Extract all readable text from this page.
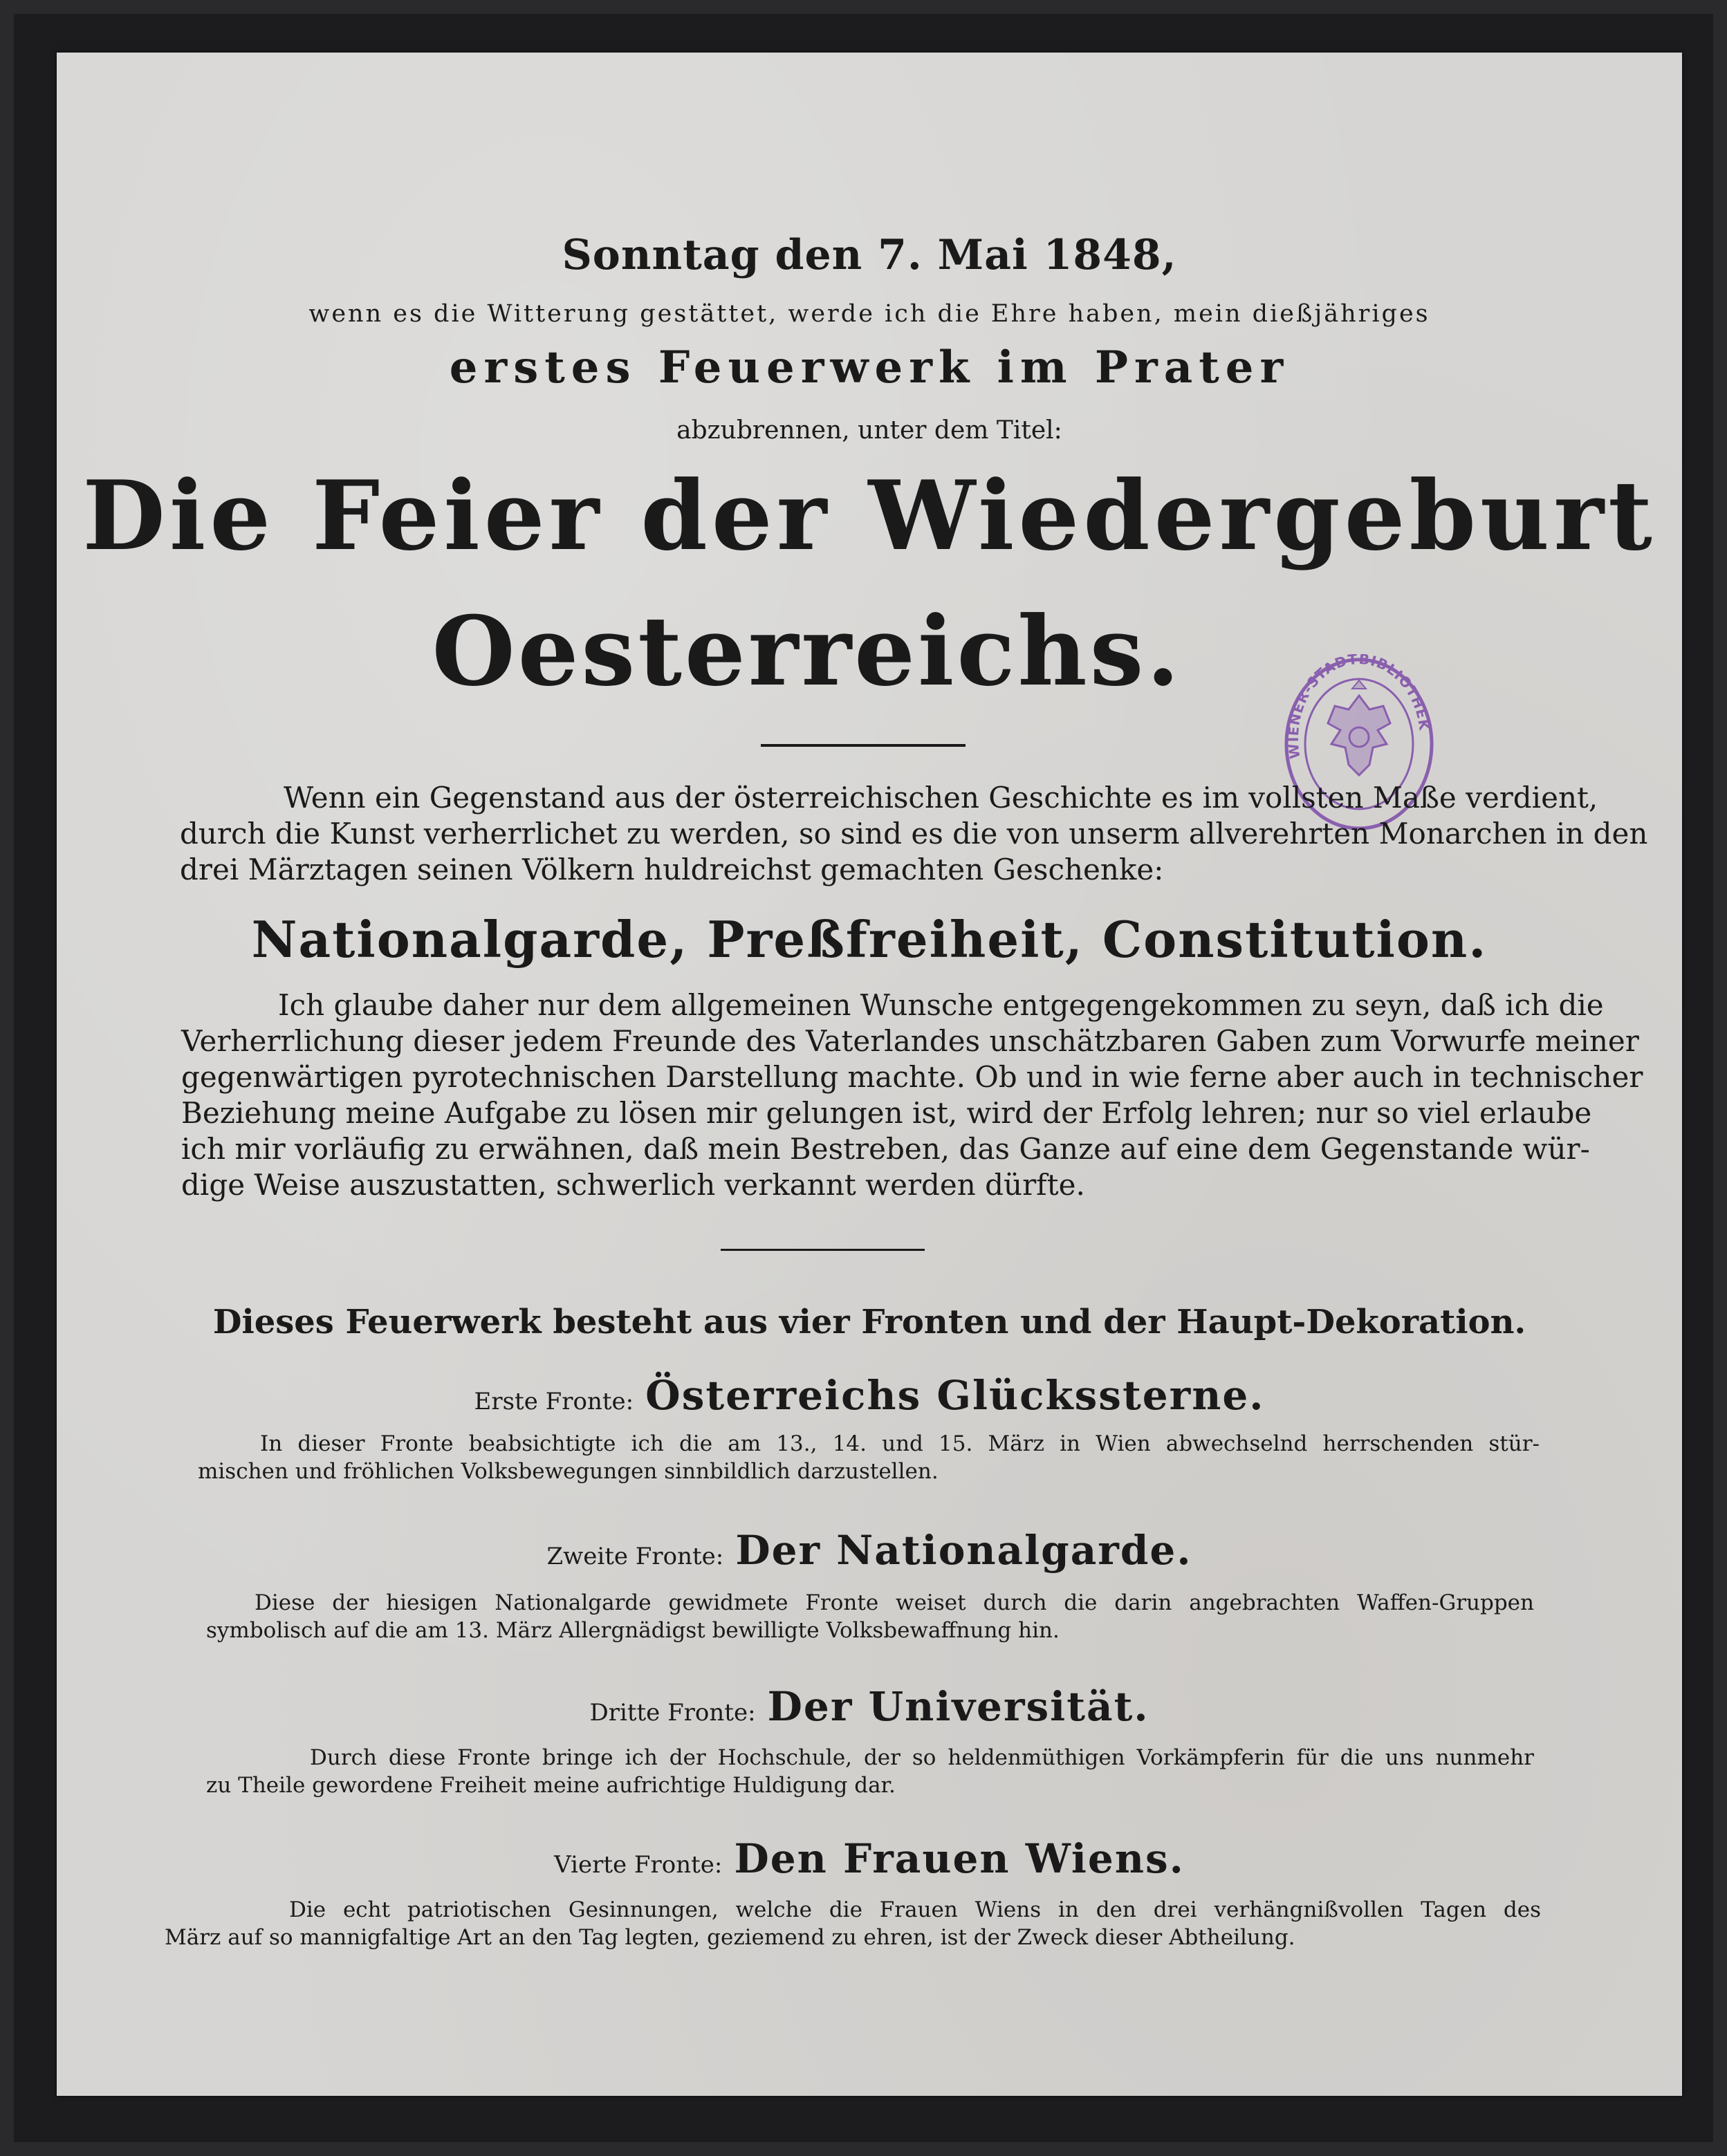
Sonntag den 7. Mai 1848,
wenn es die Witterung gestättet, werde ich die Ehre haben, mein dießjähriges
erstes Feuerwerk im Prater
abzubrennen, unter dem Titel:
Die Feier der Wiedergeburt
Oesterreichs.
WIENER-STADTBIBLIOTHEK
Wenn ein Gegenstand aus der österreichischen Geschichte es im vollsten Maße verdient,
durch die Kunst verherrlichet zu werden, so sind es die von unserm allverehrten Monarchen in den
drei Märztagen seinen Völkern huldreichst gemachten Geschenke:
Nationalgarde, Preßfreiheit, Constitution.
Ich glaube daher nur dem allgemeinen Wunsche entgegengekommen zu seyn, daß ich die
Verherrlichung dieser jedem Freunde des Vaterlandes unschätzbaren Gaben zum Vorwurfe meiner
gegenwärtigen pyrotechnischen Darstellung machte. Ob und in wie ferne aber auch in technischer
Beziehung meine Aufgabe zu lösen mir gelungen ist, wird der Erfolg lehren; nur so viel erlaube
ich mir vorläufig zu erwähnen, daß mein Bestreben, das Ganze auf eine dem Gegenstande wür-
dige Weise auszustatten, schwerlich verkannt werden dürfte.
Dieses Feuerwerk besteht aus vier Fronten und der Haupt-Dekoration.
Erste Fronte: Österreichs Glückssterne.
In dieser Fronte beabsichtigte ich die am 13., 14. und 15. März in Wien abwechselnd herrschenden stür-
mischen und fröhlichen Volksbewegungen sinnbildlich darzustellen.
Zweite Fronte: Der Nationalgarde.
Diese der hiesigen Nationalgarde gewidmete Fronte weiset durch die darin angebrachten Waffen-Gruppen
symbolisch auf die am 13. März Allergnädigst bewilligte Volksbewaffnung hin.
Dritte Fronte: Der Universität.
Durch diese Fronte bringe ich der Hochschule, der so heldenmüthigen Vorkämpferin für die uns nunmehr
zu Theile gewordene Freiheit meine aufrichtige Huldigung dar.
Vierte Fronte: Den Frauen Wiens.
Die echt patriotischen Gesinnungen, welche die Frauen Wiens in den drei verhängnißvollen Tagen des
März auf so mannigfaltige Art an den Tag legten, geziemend zu ehren, ist der Zweck dieser Abtheilung.
